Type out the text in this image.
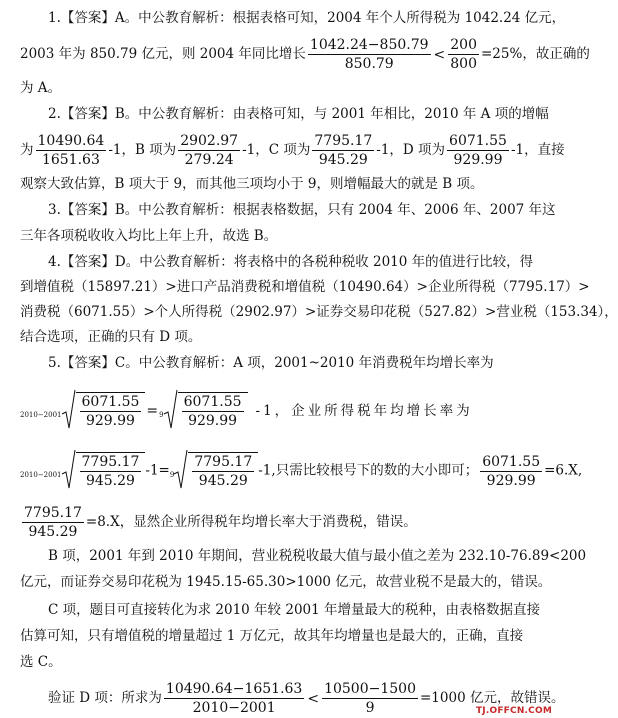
1.【答案】A。中公教育解析：根据表格可知，2004 年个人所得税为 1042.24 亿元，
2003 年为 850.79 亿元，则 2004 年同比增长 $\frac{1042.24-850.79}{850.79} < \frac{200}{800} =25\%$，故正确的
为 A。
2.【答案】B。中公教育解析：由表格可知，与 2001 年相比，2010 年 A 项的增幅
为 $\frac{10490.64}{1651.63} -1$，B 项为 $\frac{2902.97}{279.24} -1$，C 项为 $\frac{7795.17}{945.29} -1$，D 项为 $\frac{6071.55}{929.99} -1$，直接
观察大致估算，B 项大于 9，而其他三项均小于 9，则增幅最大的就是 B 项。
3.【答案】B。中公教育解析：根据表格数据，只有 2004 年、2006 年、2007 年这
三年各项税收收入均比上年上升，故选 B。
4.【答案】D。中公教育解析：将表格中的各税种税收 2010 年的值进行比较，得
到增值税（15897.21）>进口产品消费税和增值税（10490.64）>企业所得税（7795.17）>
消费税（6071.55）>个人所得税（2902.97）>证券交易印花税（527.82）>营业税（153.34），
结合选项，正确的只有 D 项。
5.【答案】C。中公教育解析：A 项，2001~2010 年消费税年均增长率为
$_{2010-2001} \frac{6071.55}{929.99} =_9 \frac{6071.55}{929.99} -1$，企业所得税年均增长率为
$_{2010-2001} \frac{7795.17}{945.29} -1=_9 \frac{7795.17}{945.29} -1$,只需比较根号下的数的大小即可； $\frac{6071.55}{929.99} =6.X$,
$\frac{7795.17}{945.29} =8.X$，显然企业所得税年均增长率大于消费税，错误。
B 项，2001 年到 2010 年期间，营业税税收最大值与最小值之差为 232.10-76.89<200
亿元，而证券交易印花税为 1945.15-65.30>1000 亿元，故营业税不是最大的，错误。
C 项，题目可直接转化为求 2010 年较 2001 年增量最大的税种，由表格数据直接
估算可知，只有增值税的增量超过 1 万亿元，故其年均增量也是最大的，正确，直接
选 C。
验证 D 项：所求为 $\frac{10490.64-1651.63}{2010-2001} < \frac{10500-1500}{9} =1000$ 亿元，故错误。
TJ.OFFCN.COM
